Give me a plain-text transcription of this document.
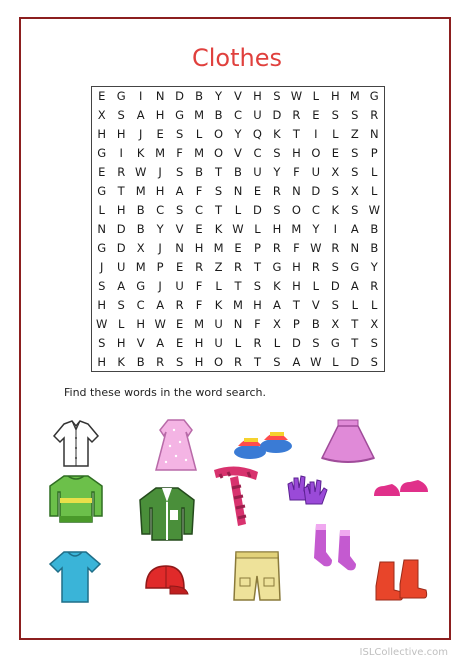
Clothes
E G	I	N D B	Y	V H S W L	H M G
X	S	A H G M B	C U D R	E	S	S	R
H H	J	E	S	L	O Y Q K	T	I	L	Z N
G	I	K M F M O V	C	S H O E	S	P
E	R W	J	S	B	T	B U	Y	F	U X	S	L
G T M H A	F	S	N	E	R N D S	X	L
L	H B	C	S	C	T	L	D S O C	K	S W
N D B	Y	V	E	K W L	H M Y	I	A	B
G D X	J	N H M E	P	R	F W R N B
J	U M P	E	R	Z	R	T G H R	S G	Y
S	A G	J	U	F	L	T	S	K H	L	D A	R
H S	C	A	R	F	K M H A	T	V	S	L	L
W L	H W E M U N	F	X	P	B	X	T	X
S H V	A	E	H U	L	R	L	D S G	T	S
H K	B	R	S H O R	T	S	A W L	D S
Find these words in the word search.
ISLCollective.com
